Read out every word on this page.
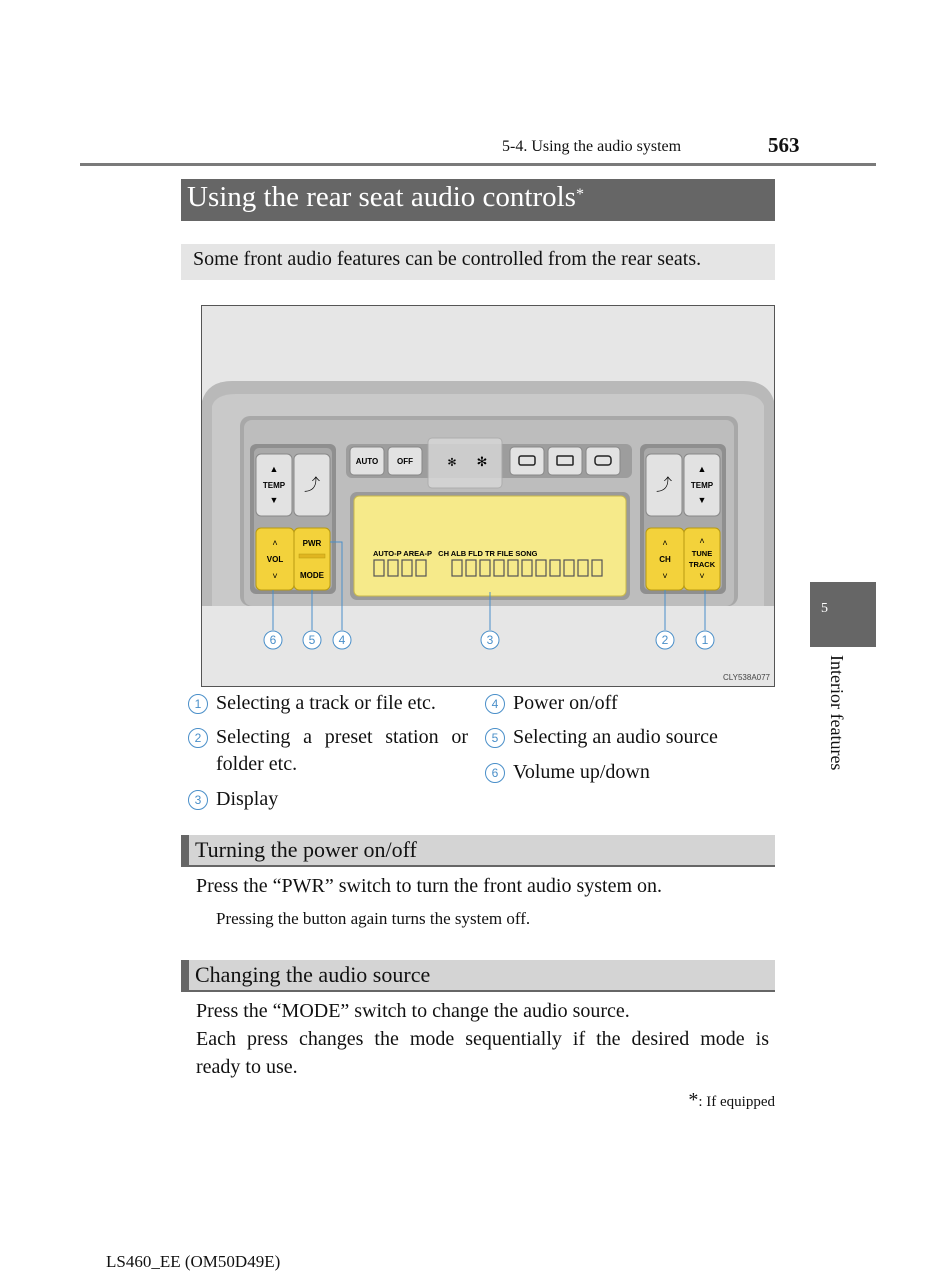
5-4. Using the audio system	563
Using the rear seat audio controls*
Some front audio features can be controlled from the rear seats.
▲
TEMP
▼
⤴
˄
VOL
˅
PWR
MODE
AUTO OFF	✻ ✻
AUTO-P AREA-P   CH ALB FLD TR FILE SONG
⤴
▲
TEMP
▼
˄
CH
˅
˄
TUNE
TRACK
˅
6	5 4	3	2	1
CLY538A077
1 Selecting a track or file etc.
2 Selecting a preset station or
folder etc.
3 Display
4 Power on/off
5 Selecting an audio source
6 Volume up/down
Turning the power on/off
Press the “PWR” switch to turn the front audio system on.
Pressing the button again turns the system off.
Changing the audio source
Press the “MODE” switch to change the audio source.
Each press changes the mode sequentially if the desired mode is
ready to use.
*: If equipped
5
Interior features
LS460_EE (OM50D49E)
